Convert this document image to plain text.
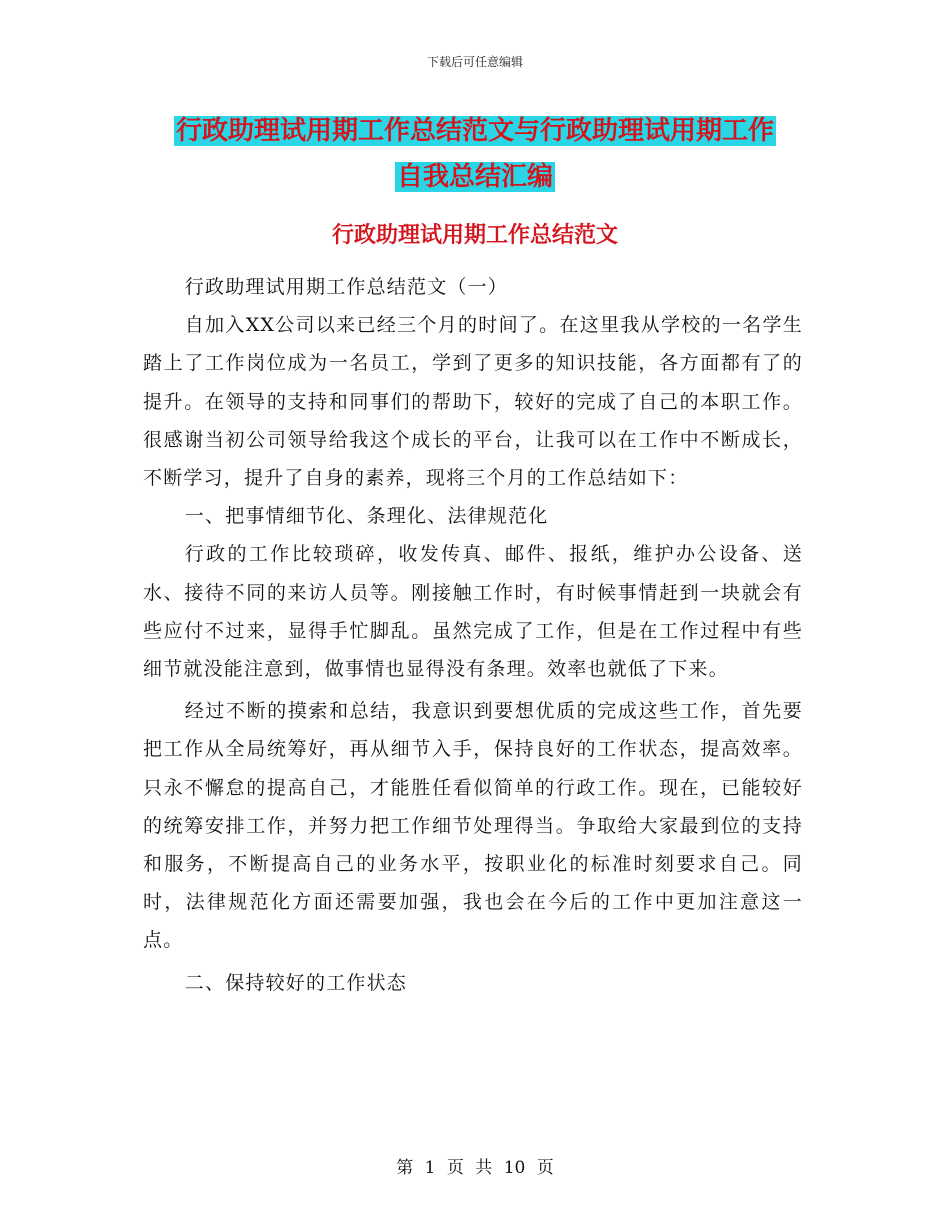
下载后可任意编辑
行政助理试用期工作总结范文与行政助理试用期工作
自我总结汇编
行政助理试用期工作总结范文

行政助理试用期工作总结范文（一）

自加入XX公司以来已经三个月的时间了。在这里我从学校的一名学生踏上了工作岗位成为一名员工，学到了更多的知识技能，各方面都有了的提升。在领导的支持和同事们的帮助下，较好的完成了自己的本职工作。很感谢当初公司领导给我这个成长的平台，让我可以在工作中不断成长，不断学习，提升了自身的素养，现将三个月的工作总结如下：

一、把事情细节化、条理化、法律规范化

行政的工作比较琐碎，收发传真、邮件、报纸，维护办公设备、送水、接待不同的来访人员等。刚接触工作时，有时候事情赶到一块就会有些应付不过来，显得手忙脚乱。虽然完成了工作，但是在工作过程中有些细节就没能注意到，做事情也显得没有条理。效率也就低了下来。

经过不断的摸索和总结，我意识到要想优质的完成这些工作，首先要把工作从全局统筹好，再从细节入手，保持良好的工作状态，提高效率。只永不懈怠的提高自己，才能胜任看似简单的行政工作。现在，已能较好的统筹安排工作，并努力把工作细节处理得当。争取给大家最到位的支持和服务，不断提高自己的业务水平，按职业化的标准时刻要求自己。同时，法律规范化方面还需要加强，我也会在今后的工作中更加注意这一点。

二、保持较好的工作状态

第 1 页 共 10 页
